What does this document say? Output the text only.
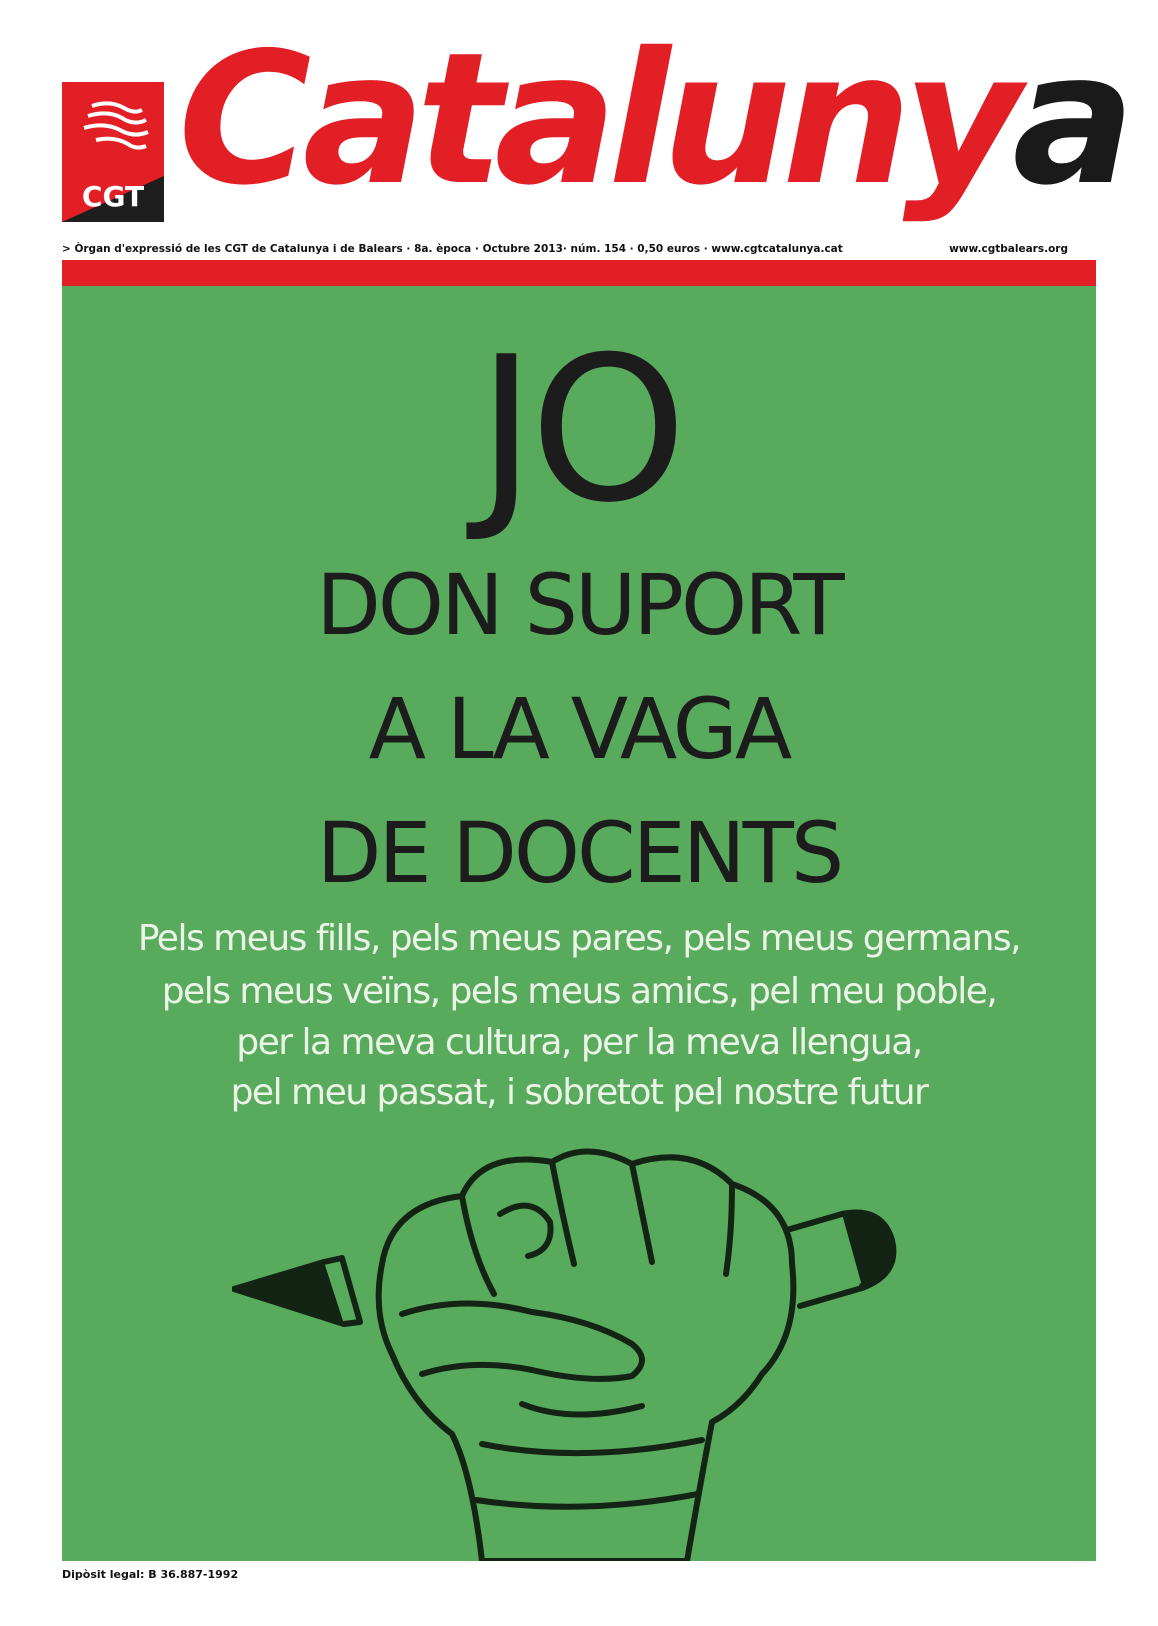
CGT Catalunya
> Òrgan d'expressió de les CGT de Catalunya i de Balears · 8a. època · Octubre 2013· núm. 154 · 0,50 euros · www.cgtcatalunya.cat	www.cgtbalears.org
JO
DON SUPORT
A LA VAGA
DE DOCENTS
Pels meus fills, pels meus pares, pels meus germans,
pels meus veïns, pels meus amics, pel meu poble,
per la meva cultura, per la meva llengua,
pel meu passat, i sobretot pel nostre futur
Dipòsit legal: B 36.887-1992
